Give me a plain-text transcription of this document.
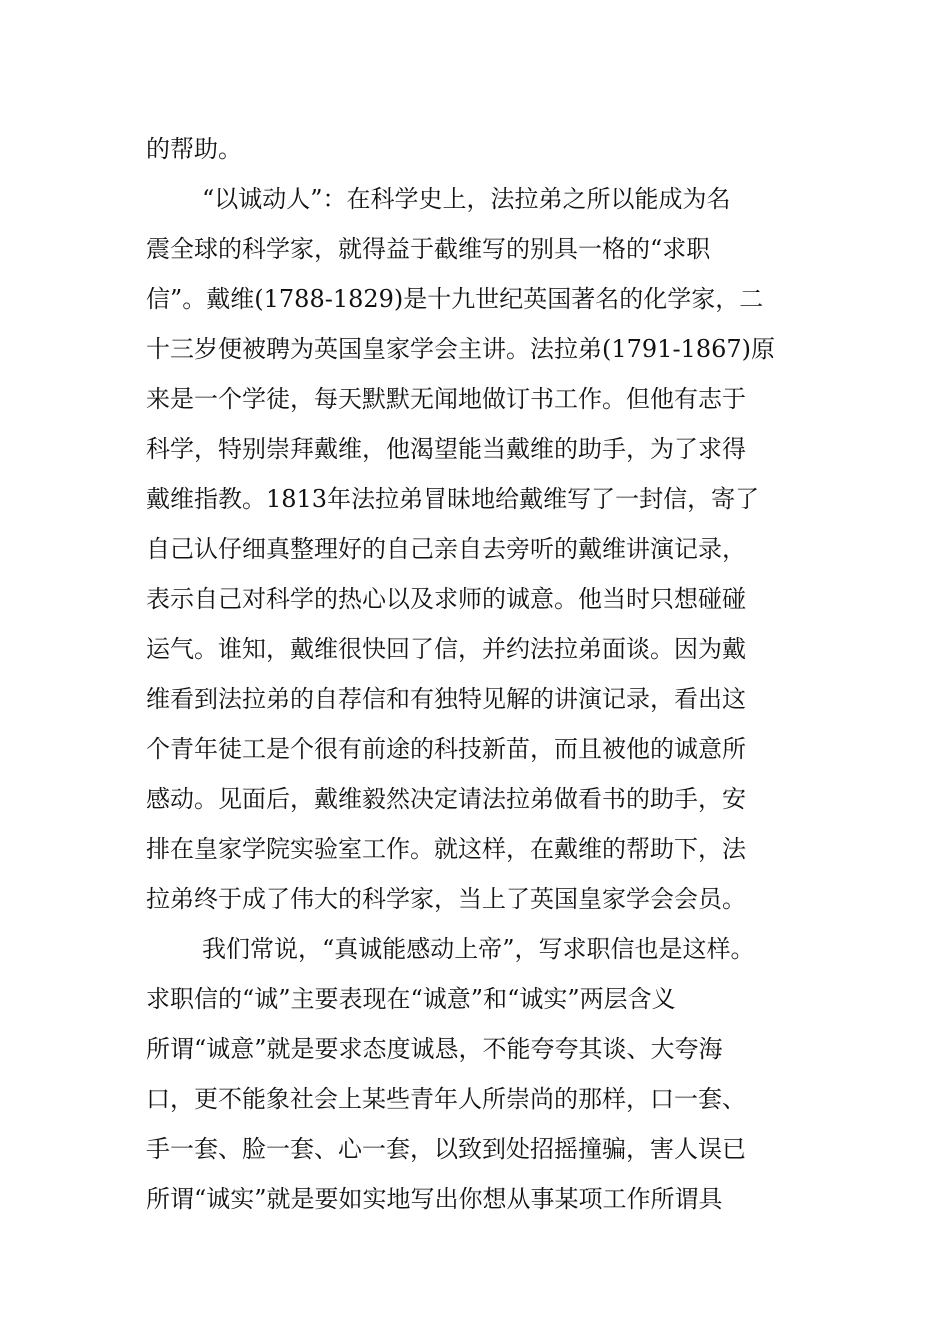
的帮助。
“以诚动人”：在科学史上，法拉弟之所以能成为名
震全球的科学家，就得益于截维写的别具一格的“求职
信”。戴维(1788-1829)是十九世纪英国著名的化学家，二
十三岁便被聘为英国皇家学会主讲。法拉弟(1791-1867)原
来是一个学徒，每天默默无闻地做订书工作。但他有志于
科学，特别崇拜戴维，他渴望能当戴维的助手，为了求得
戴维指教。1813年法拉弟冒昧地给戴维写了一封信，寄了
自己认仔细真整理好的自己亲自去旁听的戴维讲演记录，
表示自己对科学的热心以及求师的诚意。他当时只想碰碰
运气。谁知，戴维很快回了信，并约法拉弟面谈。因为戴
维看到法拉弟的自荐信和有独特见解的讲演记录，看出这
个青年徒工是个很有前途的科技新苗，而且被他的诚意所
感动。见面后，戴维毅然决定请法拉弟做看书的助手，安
排在皇家学院实验室工作。就这样，在戴维的帮助下，法
拉弟终于成了伟大的科学家，当上了英国皇家学会会员。
我们常说，“真诚能感动上帝”，写求职信也是这样。
求职信的“诚”主要表现在“诚意”和“诚实”两层含义
所谓“诚意”就是要求态度诚恳，不能夸夸其谈、大夸海
口，更不能象社会上某些青年人所崇尚的那样，口一套、
手一套、脸一套、心一套，以致到处招摇撞骗，害人误已
所谓“诚实”就是要如实地写出你想从事某项工作所谓具
